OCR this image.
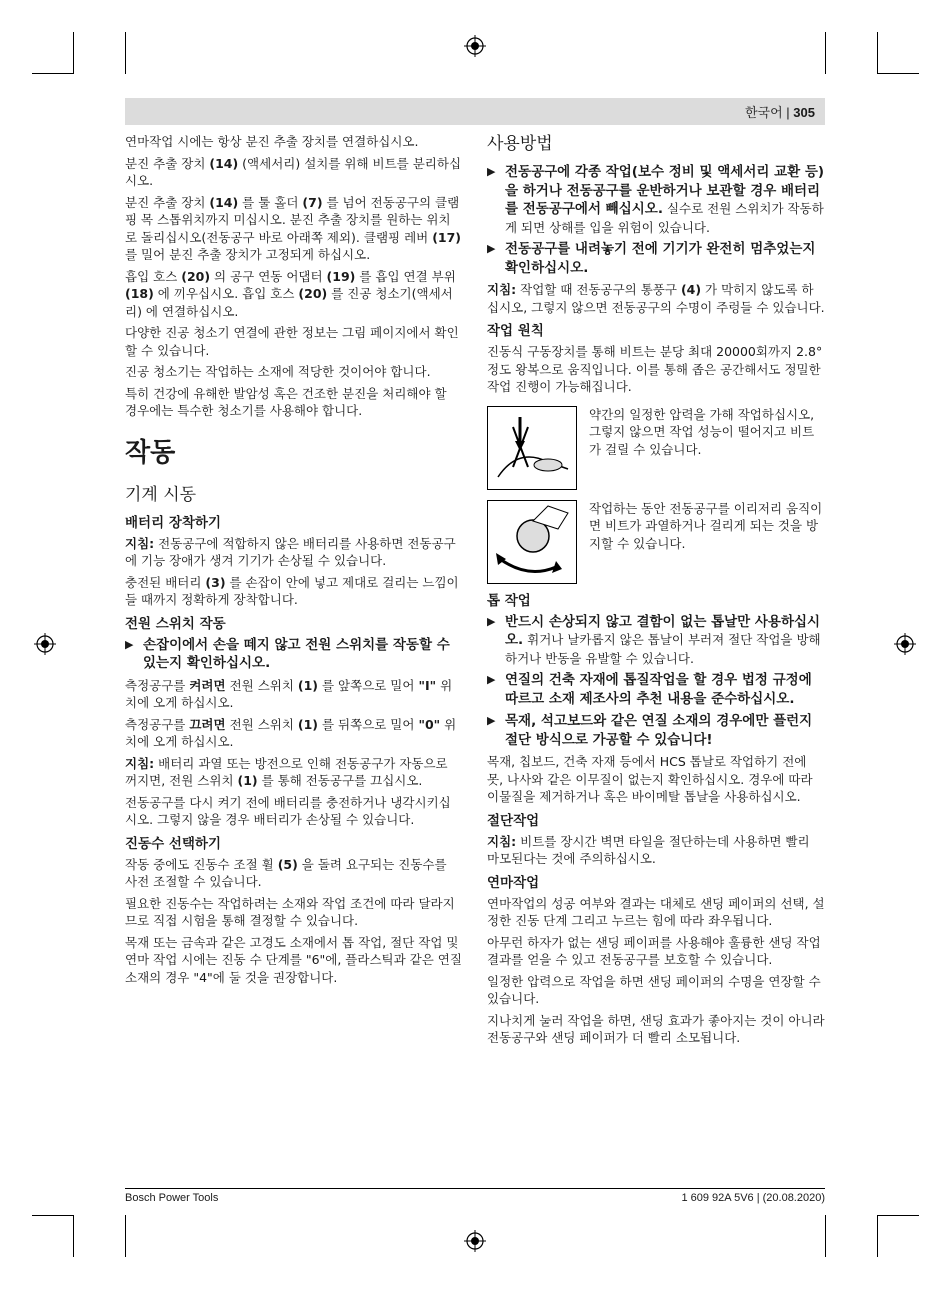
한국어 | 305

연마작업 시에는 항상 분진 추출 장치를 연결하십시오.

분진 추출 장치 (14) (액세서리) 설치를 위해 비트를 분리하십시오.

분진 추출 장치 (14) 를 툴 홀더 (7) 를 넘어 전동공구의 클램핑 목 스톱위치까지 미십시오. 분진 추출 장치를 원하는 위치로 돌리십시오(전동공구 바로 아래쪽 제외). 클램핑 레버 (17) 를 밀어 분진 추출 장치가 고정되게 하십시오.

흡입 호스 (20) 의 공구 연동 어댑터 (19) 를 흡입 연결 부위 (18) 에 끼우십시오. 흡입 호스 (20) 를 진공 청소기(액세서리) 에 연결하십시오.

다양한 진공 청소기 연결에 관한 정보는 그림 페이지에서 확인할 수 있습니다.

진공 청소기는 작업하는 소재에 적당한 것이어야 합니다.

특히 건강에 유해한 발암성 혹은 건조한 분진을 처리해야 할 경우에는 특수한 청소기를 사용해야 합니다.

작동
기계 시동
배터리 장착하기

지침: 전동공구에 적합하지 않은 배터리를 사용하면 전동공구에 기능 장애가 생겨 기기가 손상될 수 있습니다.

충전된 배터리 (3) 를 손잡이 안에 넣고 제대로 걸리는 느낌이 들 때까지 정확하게 장착합니다.

전원 스위치 작동
▶ 손잡이에서 손을 떼지 않고 전원 스위치를 작동할 수 있는지 확인하십시오.

측정공구를 켜려면 전원 스위치 (1) 를 앞쪽으로 밀어 "I" 위치에 오게 하십시오.

측정공구를 끄려면 전원 스위치 (1) 를 뒤쪽으로 밀어 "0" 위치에 오게 하십시오.

지침: 배터리 과열 또는 방전으로 인해 전동공구가 자동으로 꺼지면, 전원 스위치 (1) 를 통해 전동공구를 끄십시오.

전동공구를 다시 켜기 전에 배터리를 충전하거나 냉각시키십시오. 그렇지 않을 경우 배터리가 손상될 수 있습니다.

진동수 선택하기

작동 중에도 진동수 조절 휠 (5) 을 돌려 요구되는 진동수를 사전 조절할 수 있습니다.

필요한 진동수는 작업하려는 소재와 작업 조건에 따라 달라지므로 직접 시험을 통해 결정할 수 있습니다.

목재 또는 금속과 같은 고경도 소재에서 톱 작업, 절단 작업 및 연마 작업 시에는 진동 수 단계를 "6"에, 플라스틱과 같은 연질 소재의 경우 "4"에 둘 것을 권장합니다.

사용방법
▶ 전동공구에 각종 작업(보수 정비 및 액세서리 교환 등)을 하거나 전동공구를 운반하거나 보관할 경우 배터리를 전동공구에서 빼십시오. 실수로 전원 스위치가 작동하게 되면 상해를 입을 위험이 있습니다.
▶ 전동공구를 내려놓기 전에 기기가 완전히 멈추었는지 확인하십시오.

지침: 작업할 때 전동공구의 통풍구 (4) 가 막히지 않도록 하십시오, 그렇지 않으면 전동공구의 수명이 주렁들 수 있습니다.

작업 원칙

진동식 구동장치를 통해 비트는 분당 최대 20000회까지 2.8° 정도 왕복으로 움직입니다. 이를 통해 좁은 공간해서도 정밀한 작업 진행이 가능해집니다.

약간의 일정한 압력을 가해 작업하십시오, 그렇지 않으면 작업 성능이 떨어지고 비트가 걸릴 수 있습니다.

작업하는 동안 전동공구를 이리저리 움직이면 비트가 과열하거나 걸리게 되는 것을 방지할 수 있습니다.

톱 작업
▶ 반드시 손상되지 않고 결함이 없는 톱날만 사용하십시오. 휘거나 날카롭지 않은 톱날이 부러져 절단 작업을 방해하거나 반동을 유발할 수 있습니다.
▶ 연질의 건축 자재에 톱질작업을 할 경우 법정 규정에 따르고 소재 제조사의 추천 내용을 준수하십시오.
▶ 목재, 석고보드와 같은 연질 소재의 경우에만 플런지 절단 방식으로 가공할 수 있습니다!

목재, 칩보드, 건축 자재 등에서 HCS 톱날로 작업하기 전에 못, 나사와 같은 이무질이 없는지 확인하십시오. 경우에 따라 이물질을 제거하거나 혹은 바이메탈 톱날을 사용하십시오.

절단작업

지침: 비트를 장시간 벽면 타일을 절단하는데 사용하면 빨리 마모된다는 것에 주의하십시오.

연마작업

연마작업의 성공 여부와 결과는 대체로 샌딩 페이퍼의 선택, 설정한 진동 단계 그리고 누르는 힘에 따라 좌우됩니다.

아무런 하자가 없는 샌딩 페이퍼를 사용해야 훌륭한 샌딩 작업 결과를 얻을 수 있고 전동공구를 보호할 수 있습니다.

일정한 압력으로 작업을 하면 샌딩 페이퍼의 수명을 연장할 수 있습니다.

지나치게 눌러 작업을 하면, 샌딩 효과가 좋아지는 것이 아니라 전동공구와 샌딩 페이퍼가 더 빨리 소모됩니다.

Bosch Power Tools	1 609 92A 5V6 | (20.08.2020)
